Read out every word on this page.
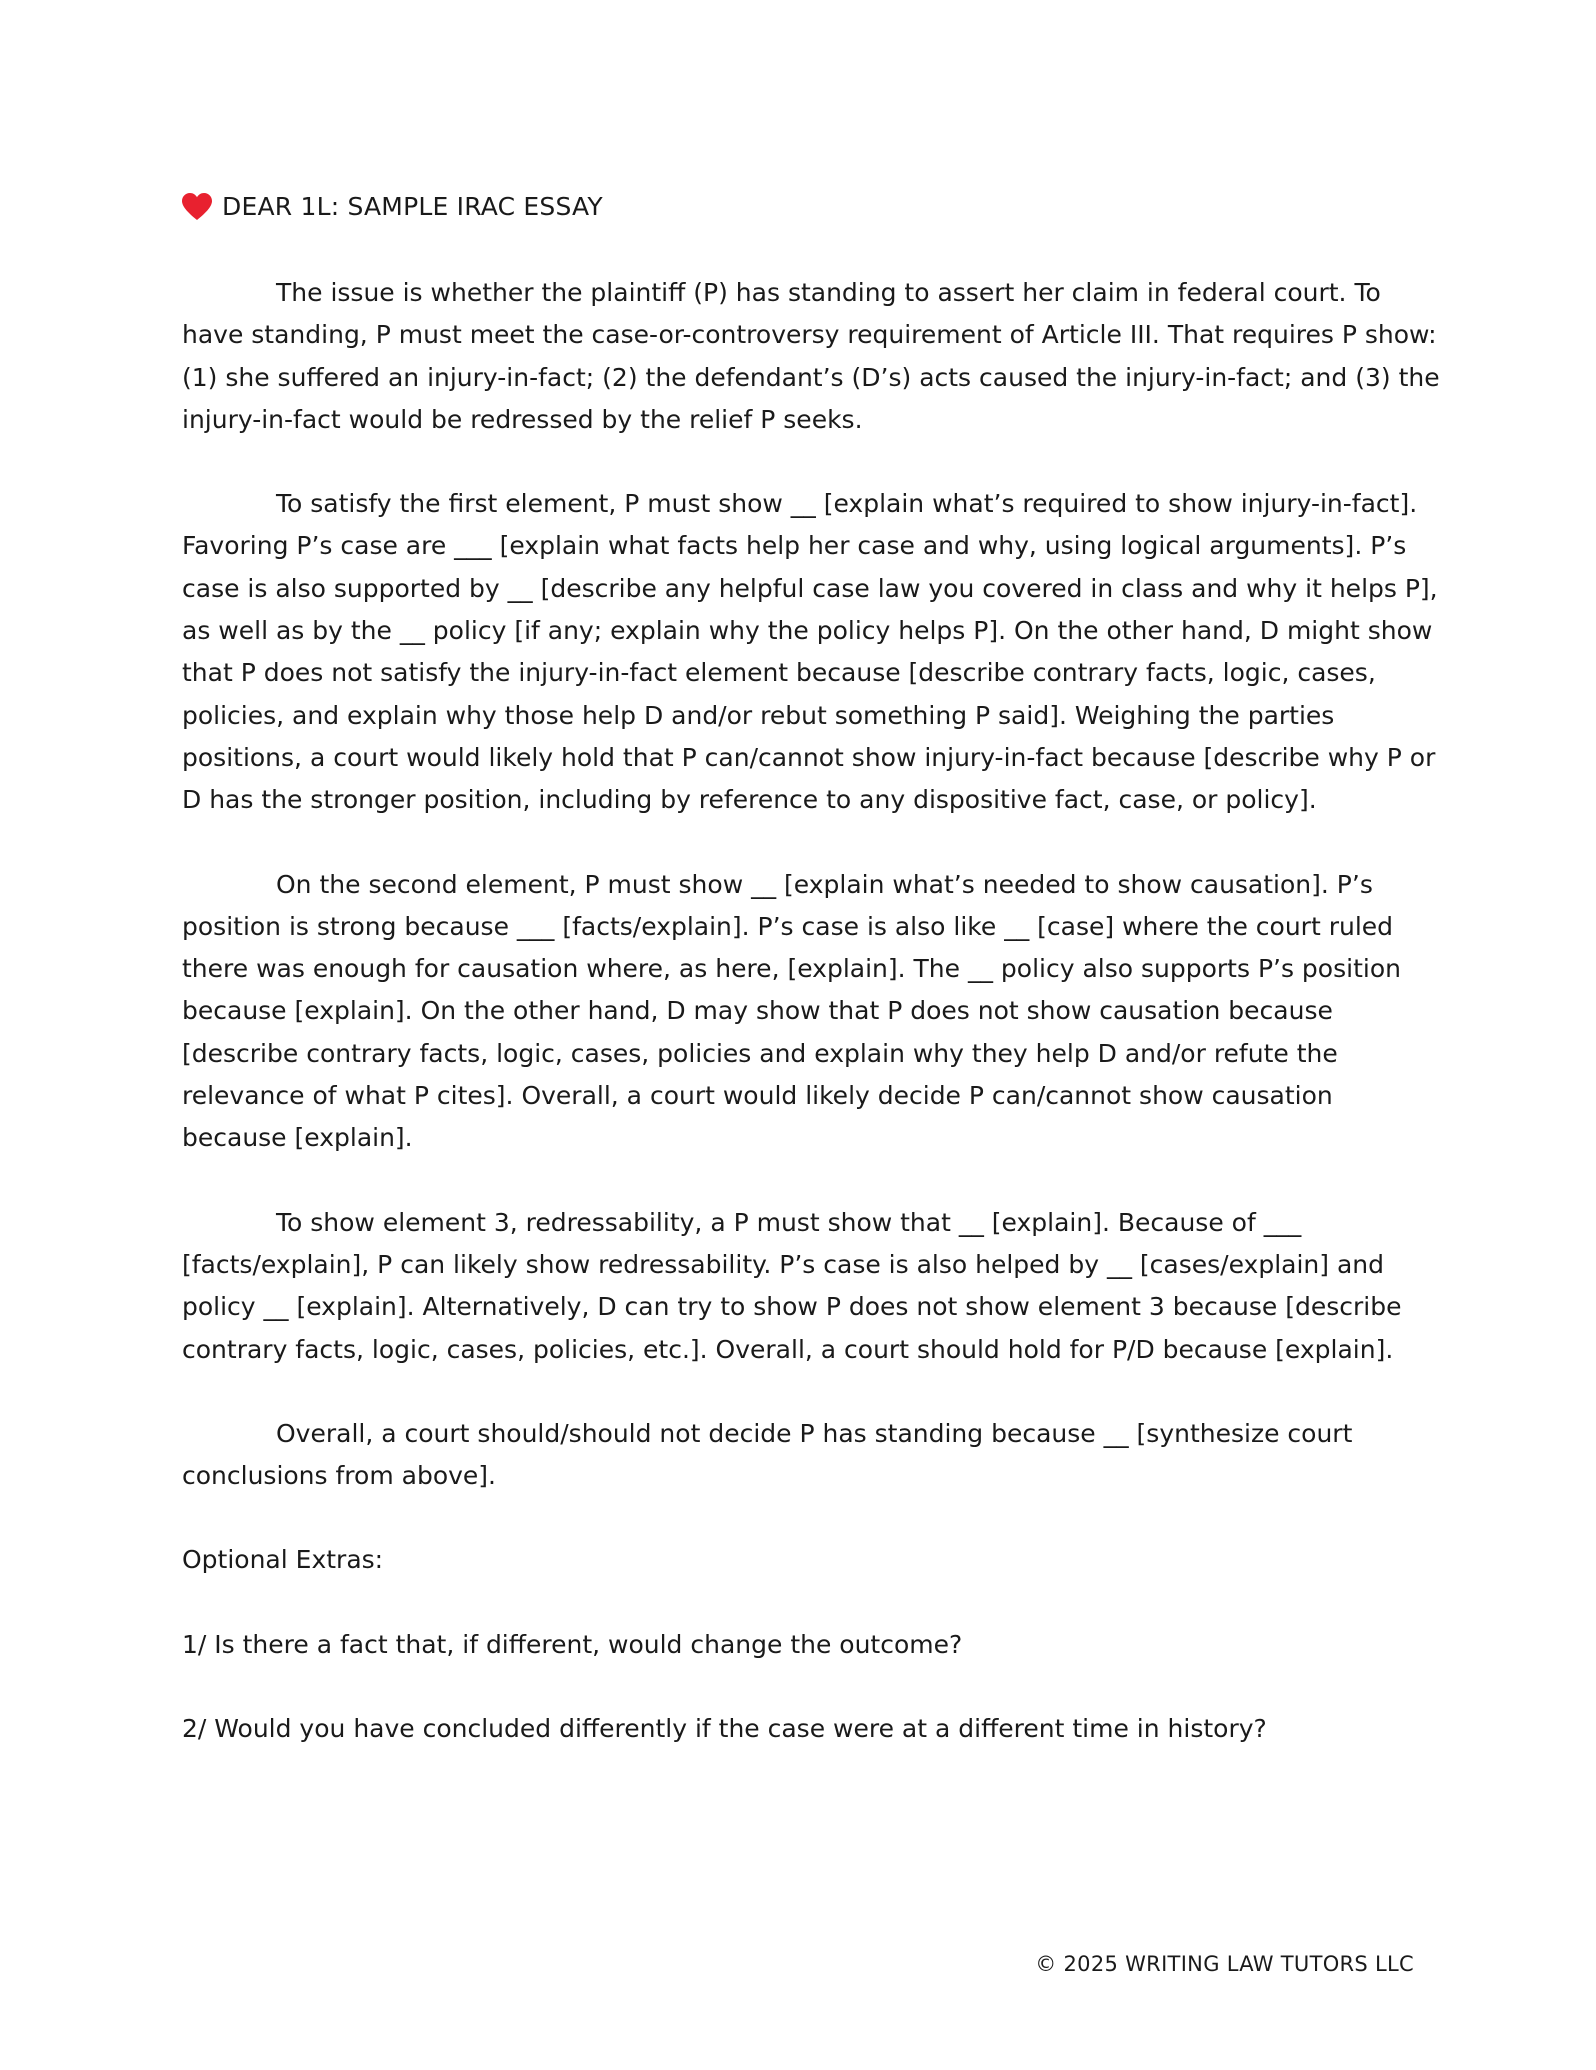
DEAR 1L: SAMPLE IRAC ESSAY

The issue is whether the plaintiff (P) has standing to assert her claim in federal court. To have standing, P must meet the case-or-controversy requirement of Article III. That requires P show: (1) she suffered an injury-in-fact; (2) the defendant’s (D’s) acts caused the injury-in-fact; and (3) the injury-in-fact would be redressed by the relief P seeks.

To satisfy the first element, P must show __ [explain what’s required to show injury-in-fact]. Favoring P’s case are ___ [explain what facts help her case and why, using logical arguments]. P’s case is also supported by __ [describe any helpful case law you covered in class and why it helps P], as well as by the __ policy [if any; explain why the policy helps P]. On the other hand, D might show that P does not satisfy the injury-in-fact element because [describe contrary facts, logic, cases, policies, and explain why those help D and/or rebut something P said]. Weighing the parties positions, a court would likely hold that P can/cannot show injury-in-fact because [describe why P or D has the stronger position, including by reference to any dispositive fact, case, or policy].

On the second element, P must show __ [explain what’s needed to show causation]. P’s position is strong because ___ [facts/explain]. P’s case is also like __ [case] where the court ruled there was enough for causation where, as here, [explain]. The __ policy also supports P’s position because [explain]. On the other hand, D may show that P does not show causation because [describe contrary facts, logic, cases, policies and explain why they help D and/or refute the relevance of what P cites]. Overall, a court would likely decide P can/cannot show causation because [explain].

To show element 3, redressability, a P must show that __ [explain]. Because of ___ [facts/explain], P can likely show redressability. P’s case is also helped by __ [cases/explain] and policy __ [explain]. Alternatively, D can try to show P does not show element 3 because [describe contrary facts, logic, cases, policies, etc.]. Overall, a court should hold for P/D because [explain].

Overall, a court should/should not decide P has standing because __ [synthesize court conclusions from above].

Optional Extras:

1/ Is there a fact that, if different, would change the outcome?

2/ Would you have concluded differently if the case were at a different time in history?

© 2025 WRITING LAW TUTORS LLC
